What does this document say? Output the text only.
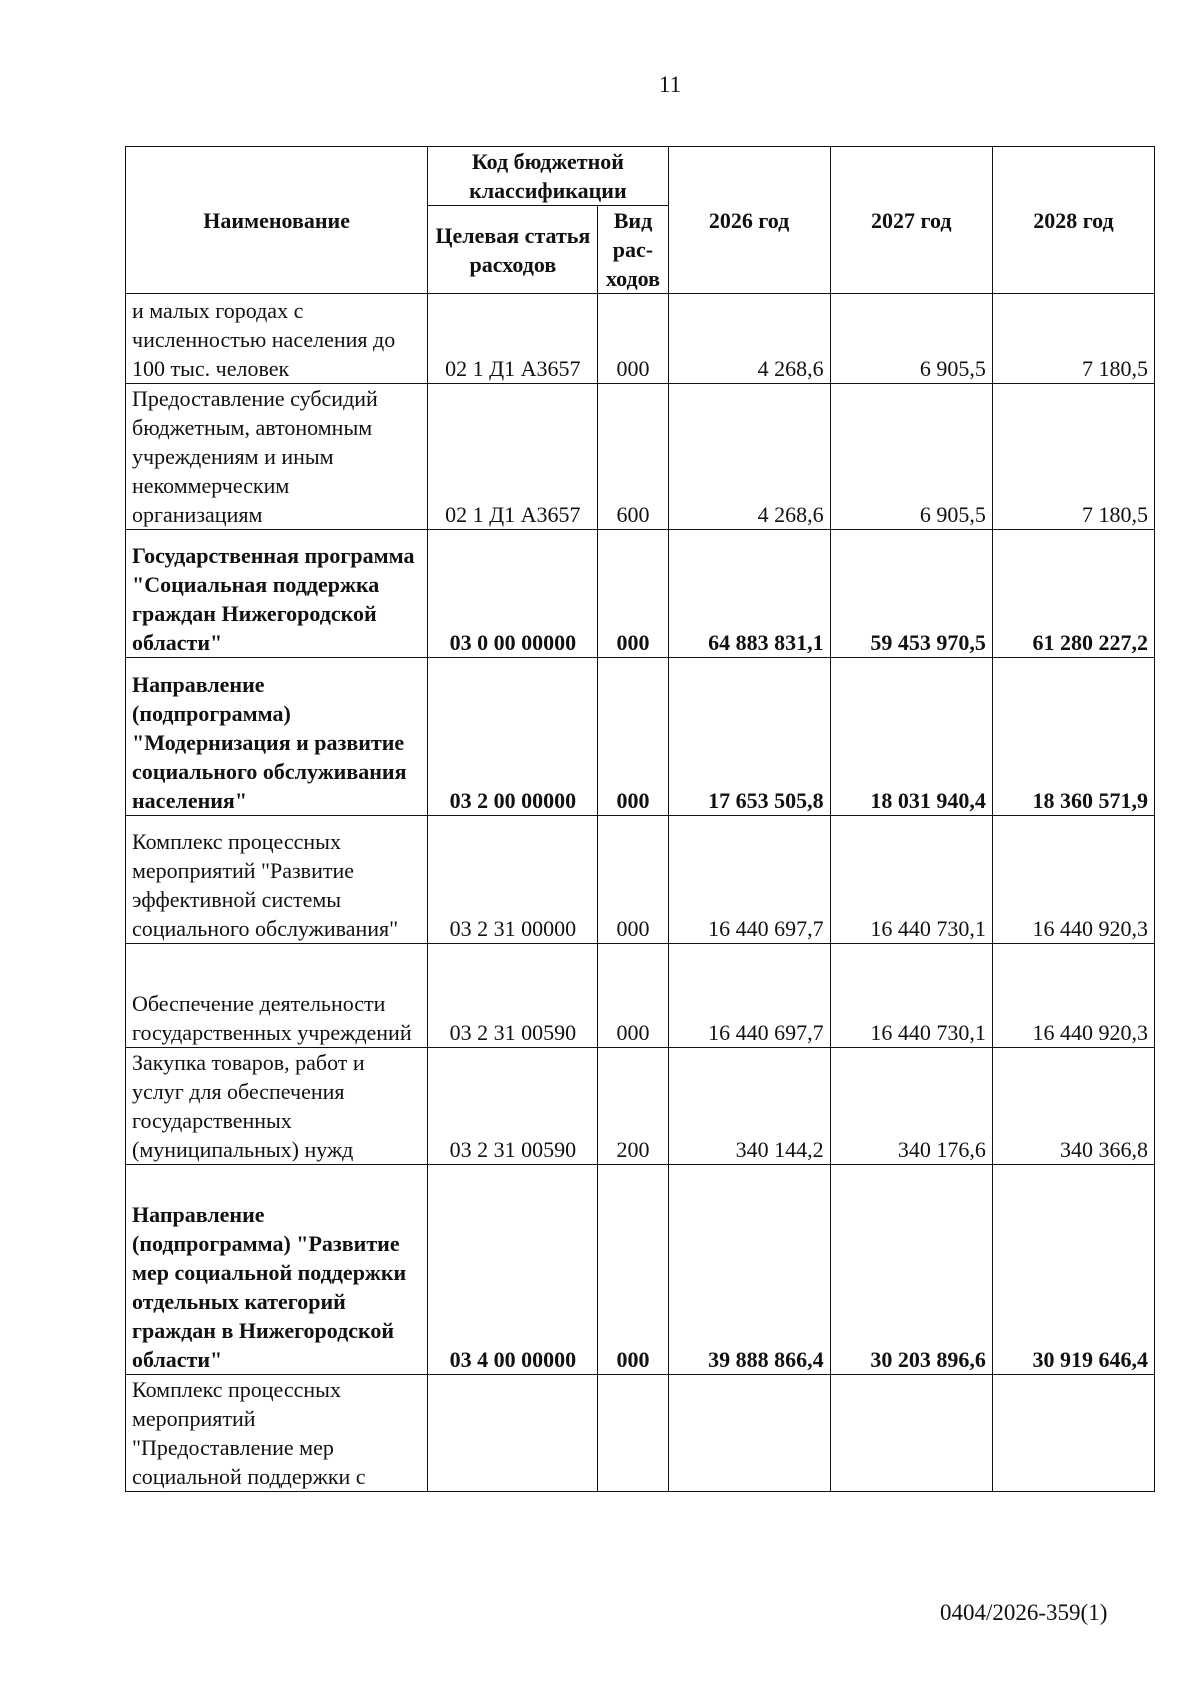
11
Наименование	Код бюджетной классификации		2026 год	2027 год	2028 год
	Целевая статья расходов	Вид рас-ходов			
и малых городах с численностью населения до 100 тыс. человек	02 1 Д1 А3657	000	4 268,6	6 905,5	7 180,5
Предоставление субсидий бюджетным, автономным учреждениям и иным некоммерческим организациям	02 1 Д1 А3657	600	4 268,6	6 905,5	7 180,5
Государственная программа "Социальная поддержка граждан Нижегородской области"	03 0 00 00000	000	64 883 831,1	59 453 970,5	61 280 227,2
Направление (подпрограмма) "Модернизация и развитие социального обслуживания населения"	03 2 00 00000	000	17 653 505,8	18 031 940,4	18 360 571,9
Комплекс процессных мероприятий "Развитие эффективной системы социального обслуживания"	03 2 31 00000	000	16 440 697,7	16 440 730,1	16 440 920,3
Обеспечение деятельности государственных учреждений	03 2 31 00590	000	16 440 697,7	16 440 730,1	16 440 920,3
Закупка товаров, работ и услуг для обеспечения государственных (муниципальных) нужд	03 2 31 00590	200	340 144,2	340 176,6	340 366,8
Направление (подпрограмма) "Развитие мер социальной поддержки отдельных категорий граждан в Нижегородской области"	03 4 00 00000	000	39 888 866,4	30 203 896,6	30 919 646,4
Комплекс процессных мероприятий "Предоставление мер социальной поддержки с					
0404/2026-359(1)
